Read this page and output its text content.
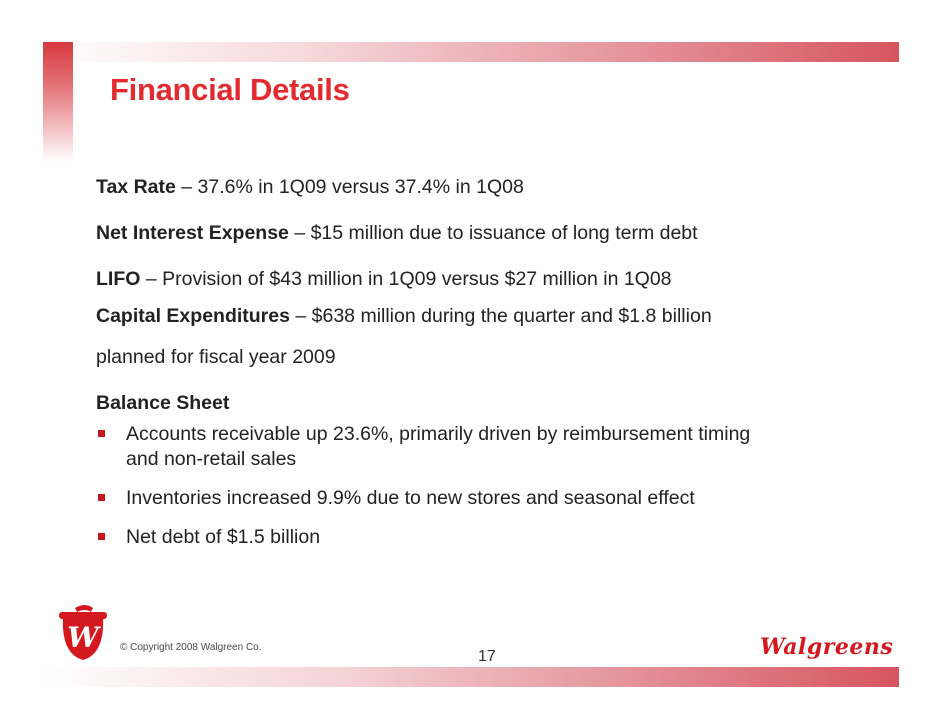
Financial Details

Tax Rate – 37.6% in 1Q09 versus 37.4% in 1Q08

Net Interest Expense – $15 million due to issuance of long term debt

LIFO – Provision of $43 million in 1Q09 versus $27 million in 1Q08

Capital Expenditures – $638 million during the quarter and $1.8 billion

planned for fiscal year 2009

Balance Sheet

Accounts receivable up 23.6%, primarily driven by reimbursement timing
and non-retail sales
Inventories increased 9.9% due to new stores and seasonal effect
Net debt of $1.5 billion
W © Copyright 2008 Walgreen Co.
17	Walgreens
